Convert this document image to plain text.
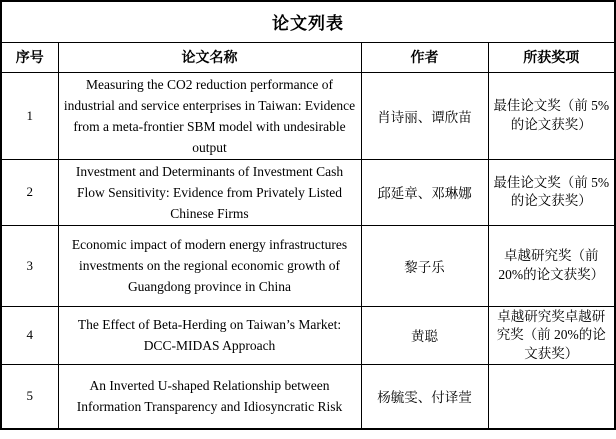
论文列表			
序号	论文名称	作者	所获奖项
1	Measuring the CO2 reduction performance of industrial and service enterprises in Taiwan: Evidence from a meta-frontier SBM model with undesirable output	肖诗丽、谭欣苗	最佳论文奖（前 5%的论文获奖）
2	Investment and Determinants of Investment Cash Flow Sensitivity: Evidence from Privately Listed Chinese Firms	邱延章、邓琳娜	最佳论文奖（前 5%的论文获奖）
3	Economic impact of modern energy infrastructures investments on the regional economic growth of Guangdong province in China	黎子乐	卓越研究奖（前 20%的论文获奖）
4	The Effect of Beta-Herding on Taiwan’s Market: DCC-MIDAS Approach	黄聪	卓越研究奖卓越研究奖（前 20%的论文获奖）
5	An Inverted U-shaped Relationship between Information Transparency and Idiosyncratic Risk	杨毓雯、付译萱	
